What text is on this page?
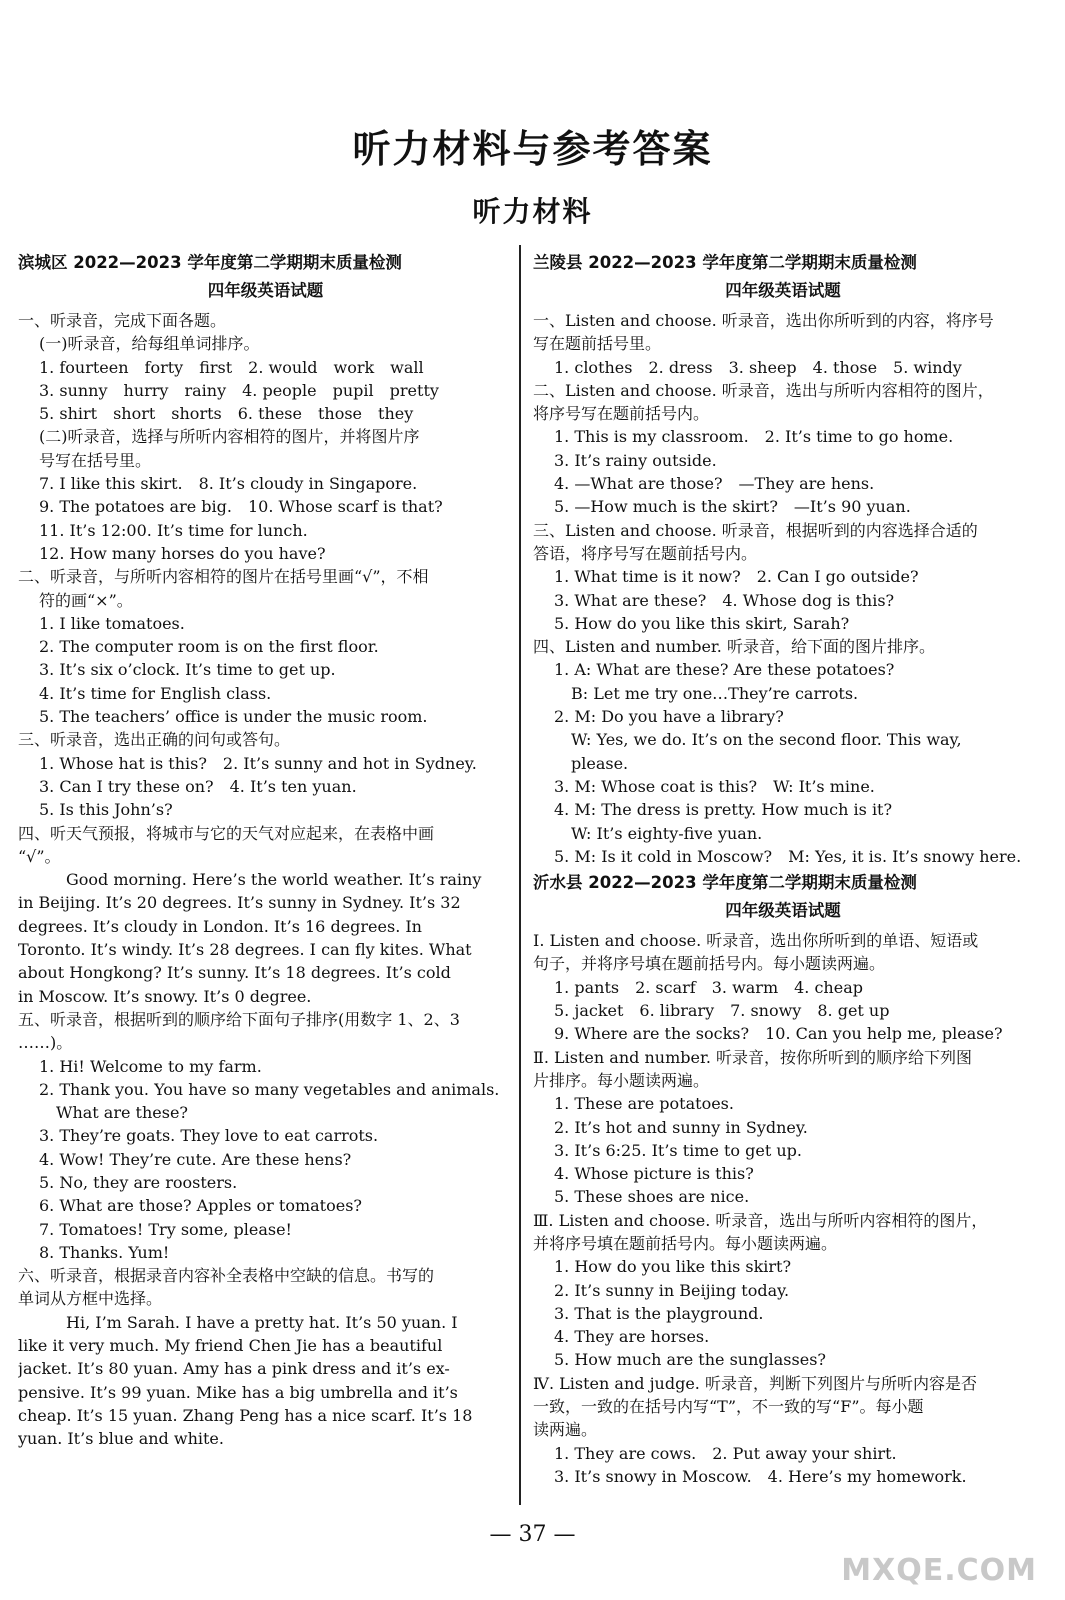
听力材料与参考答案
听力材料
滨城区 2022—2023 学年度第二学期期末质量检测
四年级英语试题
一、听录音，完成下面各题。
(一)听录音，给每组单词排序。
1. fourteen　forty　first　2. would　work　wall
3. sunny　hurry　rainy　4. people　pupil　pretty
5. shirt　short　shorts　6. these　those　they
(二)听录音，选择与所听内容相符的图片，并将图片序
号写在括号里。
7. I like this skirt.　8. It’s cloudy in Singapore.
9. The potatoes are big.　10. Whose scarf is that?
11. It’s 12:00. It’s time for lunch.
12. How many horses do you have?
二、听录音，与所听内容相符的图片在括号里画“√”，不相
符的画“×”。
1. I like tomatoes.
2. The computer room is on the first floor.
3. It’s six o’clock. It’s time to get up.
4. It’s time for English class.
5. The teachers’ office is under the music room.
三、听录音，选出正确的问句或答句。
1. Whose hat is this?　2. It’s sunny and hot in Sydney.
3. Can I try these on?　4. It’s ten yuan.
5. Is this John’s?
四、听天气预报，将城市与它的天气对应起来，在表格中画
“√”。
Good morning. Here’s the world weather. It’s rainy
in Beijing. It’s 20 degrees. It’s sunny in Sydney. It’s 32
degrees. It’s cloudy in London. It’s 16 degrees. In
Toronto. It’s windy. It’s 28 degrees. I can fly kites. What
about Hongkong? It’s sunny. It’s 18 degrees. It’s cold
in Moscow. It’s snowy. It’s 0 degree.
五、听录音，根据听到的顺序给下面句子排序(用数字 1、2、3
……)。
1. Hi! Welcome to my farm.
2. Thank you. You have so many vegetables and animals.
What are these?
3. They’re goats. They love to eat carrots.
4. Wow! They’re cute. Are these hens?
5. No, they are roosters.
6. What are those? Apples or tomatoes?
7. Tomatoes! Try some, please!
8. Thanks. Yum!
六、听录音，根据录音内容补全表格中空缺的信息。书写的
单词从方框中选择。
Hi, I’m Sarah. I have a pretty hat. It’s 50 yuan. I
like it very much. My friend Chen Jie has a beautiful
jacket. It’s 80 yuan. Amy has a pink dress and it’s ex-
pensive. It’s 99 yuan. Mike has a big umbrella and it’s
cheap. It’s 15 yuan. Zhang Peng has a nice scarf. It’s 18
yuan. It’s blue and white.
兰陵县 2022—2023 学年度第二学期期末质量检测
四年级英语试题
一、Listen and choose. 听录音，选出你所听到的内容，将序号
写在题前括号里。
1. clothes　2. dress　3. sheep　4. those　5. windy
二、Listen and choose. 听录音，选出与所听内容相符的图片，
将序号写在题前括号内。
1. This is my classroom.　2. It’s time to go home.
3. It’s rainy outside.
4. —What are those?　—They are hens.
5. —How much is the skirt?　—It’s 90 yuan.
三、Listen and choose. 听录音，根据听到的内容选择合适的
答语，将序号写在题前括号内。
1. What time is it now?　2. Can I go outside?
3. What are these?　4. Whose dog is this?
5. How do you like this skirt, Sarah?
四、Listen and number. 听录音，给下面的图片排序。
1. A: What are these? Are these potatoes?
B: Let me try one…They’re carrots.
2. M: Do you have a library?
W: Yes, we do. It’s on the second floor. This way,
please.
3. M: Whose coat is this?　W: It’s mine.
4. M: The dress is pretty. How much is it?
W: It’s eighty-five yuan.
5. M: Is it cold in Moscow?　M: Yes, it is. It’s snowy here.
沂水县 2022—2023 学年度第二学期期末质量检测
四年级英语试题
Ⅰ. Listen and choose. 听录音，选出你所听到的单语、短语或
句子，并将序号填在题前括号内。每小题读两遍。
1. pants　2. scarf　3. warm　4. cheap
5. jacket　6. library　7. snowy　8. get up
9. Where are the socks?　10. Can you help me, please?
Ⅱ. Listen and number. 听录音，按你所听到的顺序给下列图
片排序。每小题读两遍。
1. These are potatoes.
2. It’s hot and sunny in Sydney.
3. It’s 6:25. It’s time to get up.
4. Whose picture is this?
5. These shoes are nice.
Ⅲ. Listen and choose. 听录音，选出与所听内容相符的图片，
并将序号填在题前括号内。每小题读两遍。
1. How do you like this skirt?
2. It’s sunny in Beijing today.
3. That is the playground.
4. They are horses.
5. How much are the sunglasses?
Ⅳ. Listen and judge. 听录音，判断下列图片与所听内容是否
一致，一致的在括号内写“T”，不一致的写“F”。每小题
读两遍。
1. They are cows.　2. Put away your shirt.
3. It’s snowy in Moscow.　4. Here’s my homework.
— 37 —
MXQE.COM
